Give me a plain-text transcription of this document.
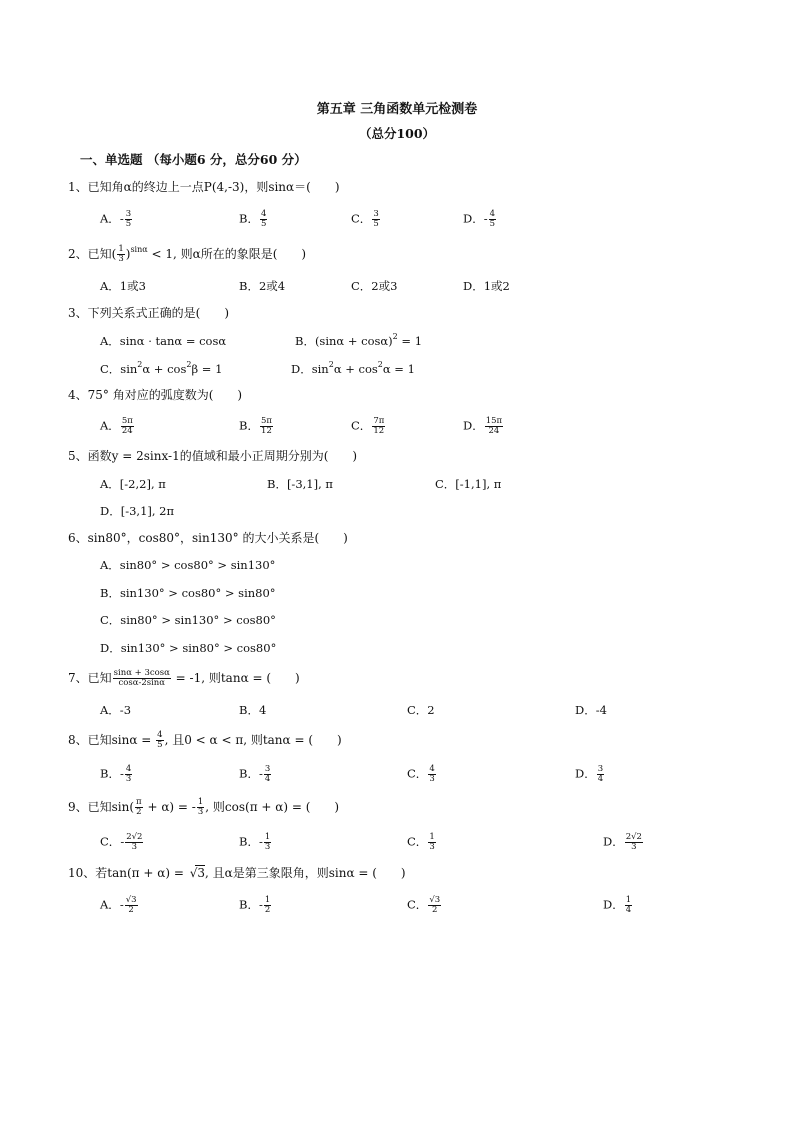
第五章 三角函数单元检测卷
（总分100）
一、单选题 （每小题6 分，总分60 分）
1、已知角α的终边上一点P(4,-3)，则sinα＝(　　)
A．- $\frac{3}{5}$	B． $\frac{4}{5}$	C． $\frac{3}{5}$	D．- $\frac{4}{5}$
2、已知( $\frac{1}{3} )^{sin\alpha} < 1$, 则α所在的象限是(　　)
A．1或3	B．2或4	C．2或3	D．1或2
3、下列关系式正确的是(　　)
A．sinα · tanα = cosα	B．$(\sin\alpha + \cos\alpha)^2 = 1$
C．$\sin^2\alpha + \cos^2\beta = 1$	D．$\sin^2\alpha + \cos^2\alpha = 1$
4、75° 角对应的弧度数为(　　)
A． $\frac{5\pi}{24}$	B． $\frac{5\pi}{12}$	C． $\frac{7\pi}{12}$	D． $\frac{15\pi}{24}$
5、函数y = 2sinx-1的值域和最小正周期分别为(　　)
A．[-2,2], π	B．[-3,1], π	C．[-1,1], π
D．[-3,1], 2π
6、sin80°，cos80°，sin130° 的大小关系是(　　)
A．sin80° > cos80° > sin130°
B．sin130° > cos80° > sin80°
C．sin80° > sin130° > cos80°
D．sin130° > sin80° > cos80°
7、已知 $\frac{\sin\alpha + 3\cos\alpha}{\cos\alpha-2\sin\alpha} = -1$, 则tanα = (　　)
A．-3	B．4	C．2	D．-4
8、已知$\sin\alpha = \frac{4}{5}$ , 且0 < α < π, 则tanα = (　　)
B．- $\frac{4}{3}$	B．- $\frac{3}{4}$	C． $\frac{4}{3}$	D． $\frac{3}{4}$
9、已知$\sin( \frac{\pi}{2} + \alpha)$ = - $\frac{1}{3}$ , 则cos(π + α) = (　　)
C．- $\frac{2√2}{3}$	B．- $\frac{1}{3}$	C． $\frac{1}{3}$	D． $\frac{2√2}{3}$
10、若tan(π + α) = √ 3, 且α是第三象限角，则sinα = (　　)
A．- $\frac{√3}{2}$	B．- $\frac{1}{2}$	C． $\frac{√3}{2}$	D． $\frac{1}{4}$
